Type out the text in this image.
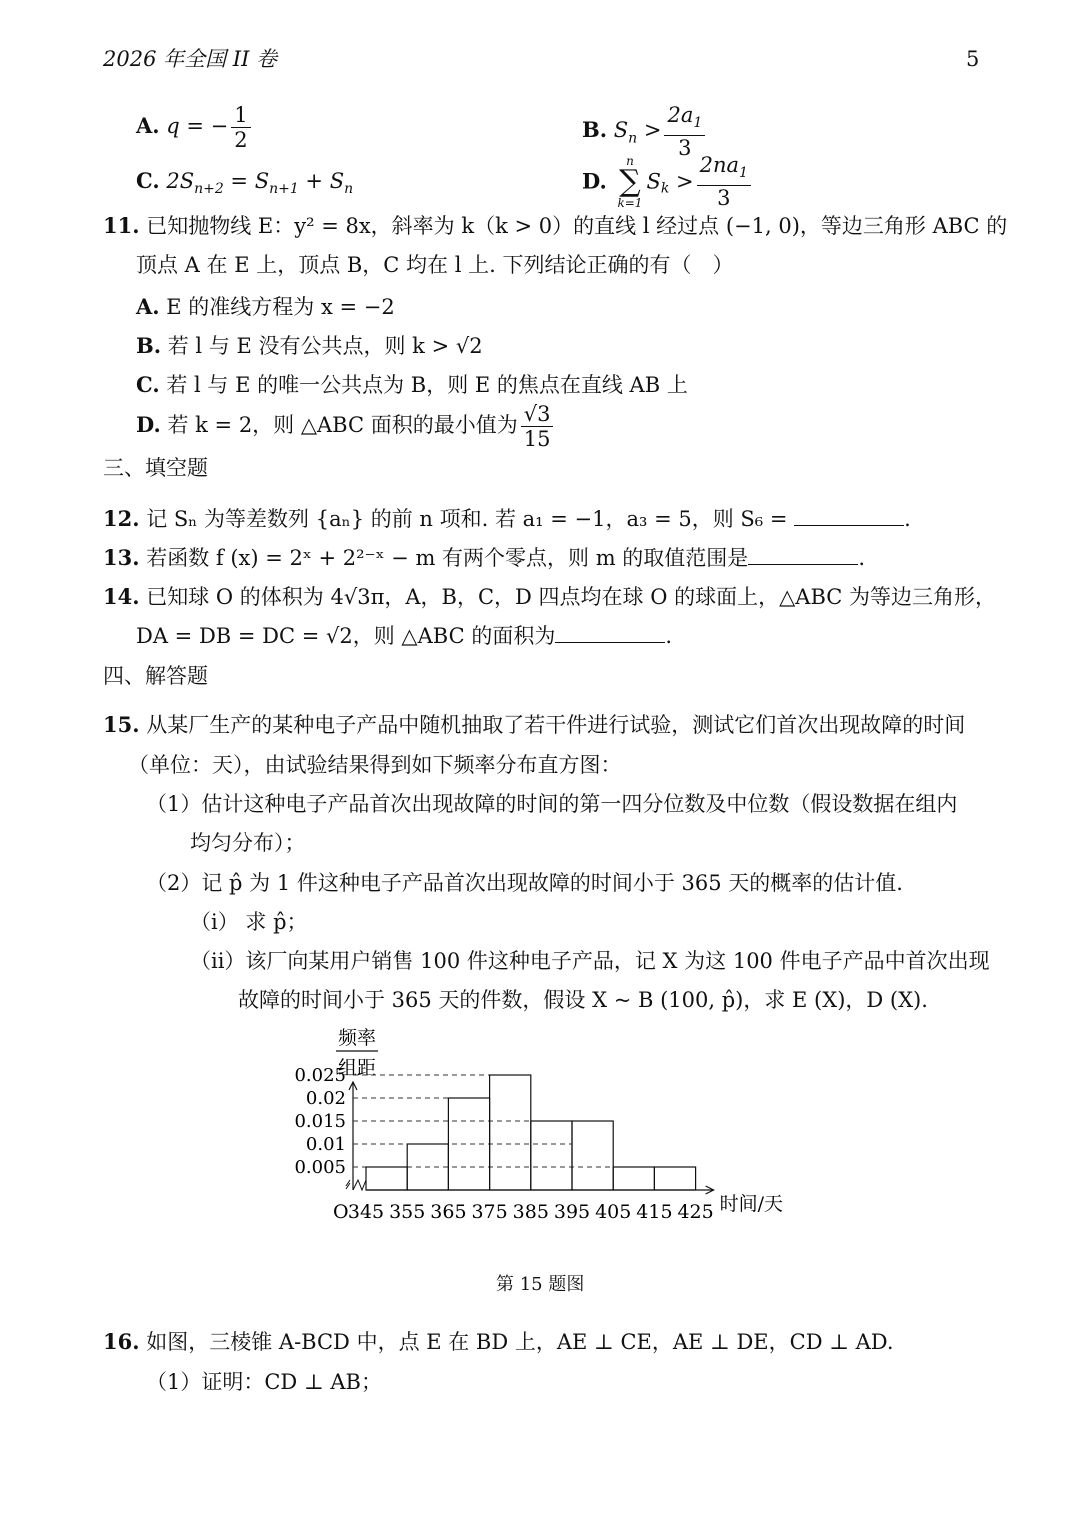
2026 年全国 II 卷	5
A. q = − $\frac{1}{2}$	B. $S_n > \frac{2a_1}{3}$
C. $2S_{n+2} = S_{n+1} + S_n$	D.
n
∑
k=1
$S_k > \frac{2na_1}{3}$
11. 已知抛物线 E：y² = 8x，斜率为 k（k > 0）的直线 l 经过点 (−1, 0)，等边三角形 ABC 的
顶点 A 在 E 上，顶点 B，C 均在 l 上. 下列结论正确的有（　）
A. E 的准线方程为 x = −2
B. 若 l 与 E 没有公共点，则 k > √2
C. 若 l 与 E 的唯一公共点为 B，则 E 的焦点在直线 AB 上
D. 若 k = 2，则 △ABC 面积的最小值为 $\frac{√3}{15}$
三、填空题
12. 记 Sₙ 为等差数列 {aₙ} 的前 n 项和. 若 a₁ = −1，a₃ = 5，则 S₆ =	.
13. 若函数 f (x) = 2ˣ + 2²⁻ˣ − m 有两个零点，则 m 的取值范围是	.
14. 已知球 O 的体积为 4√3π，A，B，C，D 四点均在球 O 的球面上，△ABC 为等边三角形，
DA = DB = DC = √2，则 △ABC 的面积为	.
四、解答题
15. 从某厂生产的某种电子产品中随机抽取了若干件进行试验，测试它们首次出现故障的时间
（单位：天），由试验结果得到如下频率分布直方图：
（1）估计这种电子产品首次出现故障的时间的第一四分位数及中位数（假设数据在组内
均匀分布）；
（2）记 p̂ 为 1 件这种电子产品首次出现故障的时间小于 365 天的概率的估计值.
（i） 求 p̂；
（ii）该厂向某用户销售 100 件这种电子产品，记 X 为这 100 件电子产品中首次出现
故障的时间小于 365 天的件数，假设 X ~ B (100, p̂)，求 E (X)，D (X).
频率
组距
0.005
0.01
0.015
0.02
0.025
O 345 355 365 375 385 395 405 415 425 时间/天
第 15 题图
16. 如图，三棱锥 A-BCD 中，点 E 在 BD 上，AE ⊥ CE，AE ⊥ DE，CD ⊥ AD.
（1）证明：CD ⊥ AB；
